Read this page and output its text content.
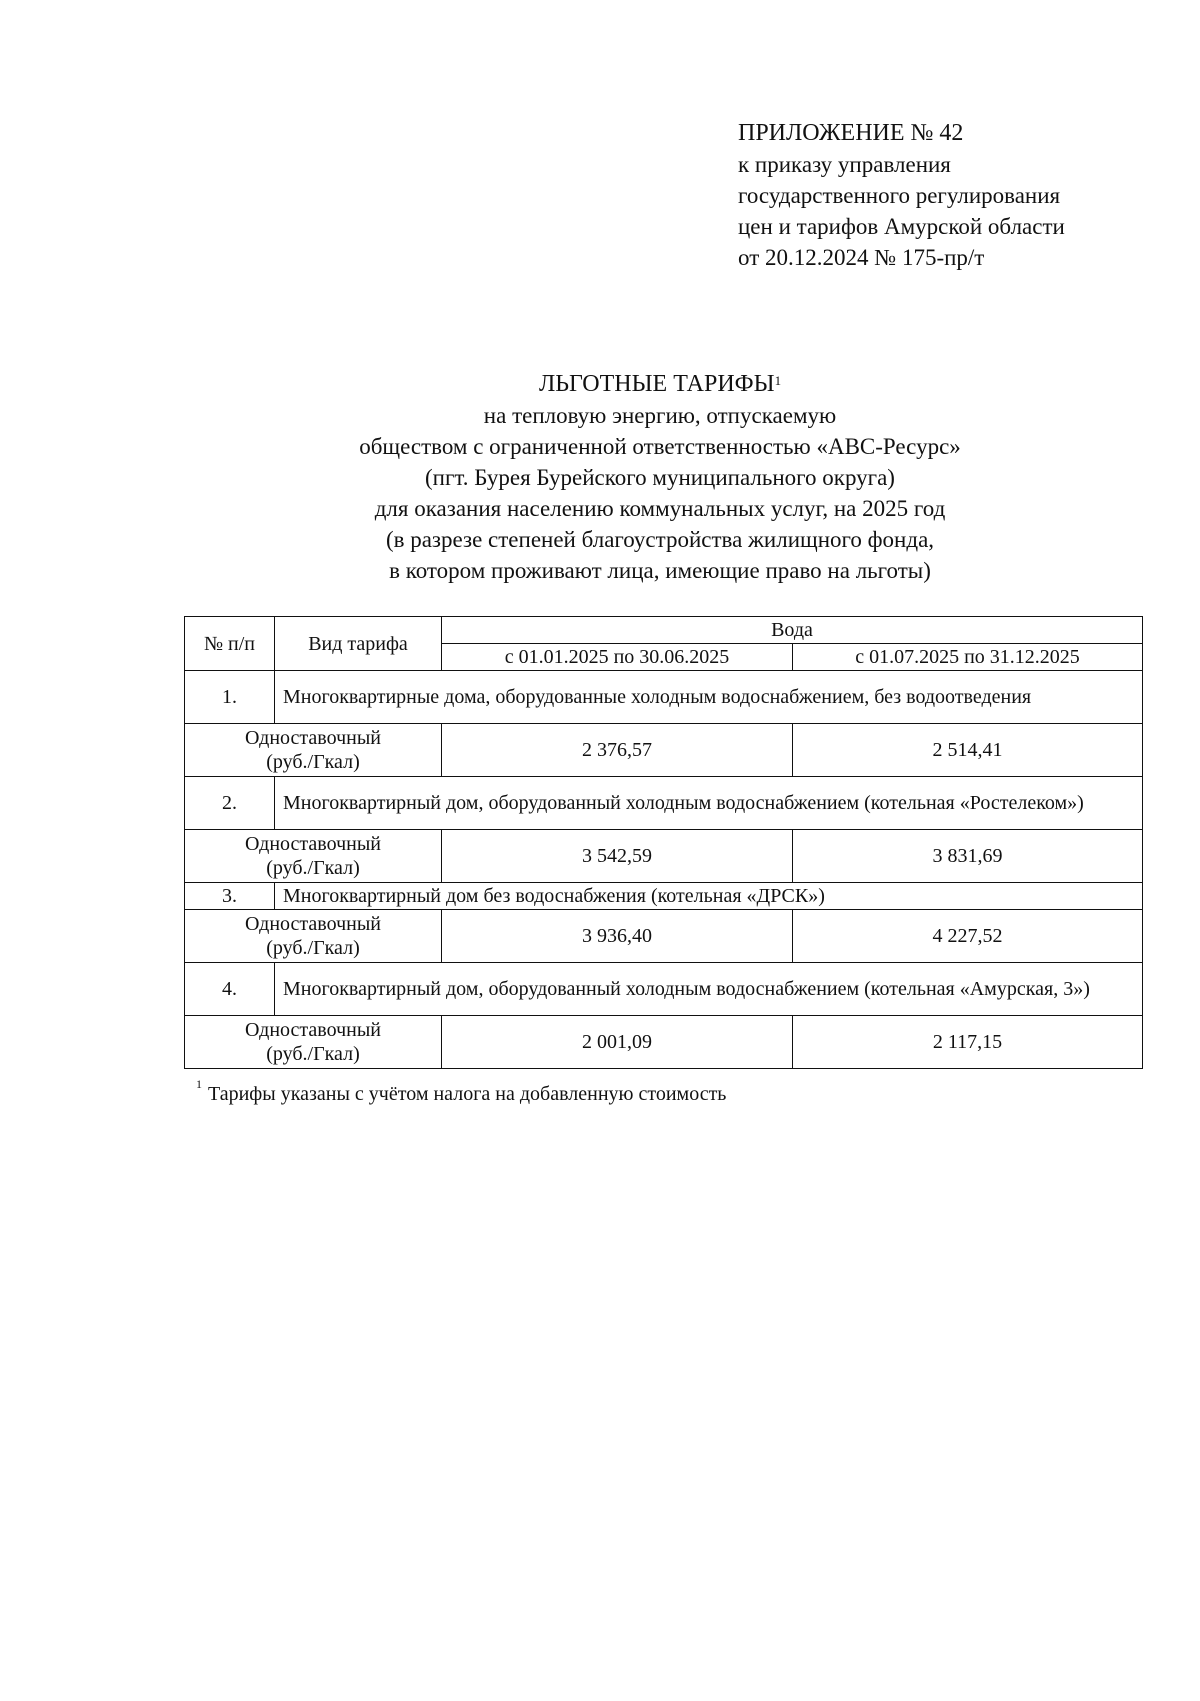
ПРИЛОЖЕНИЕ № 42
к приказу управления
государственного регулирования
цен и тарифов Амурской области
от 20.12.2024 № 175-пр/т
ЛЬГОТНЫЕ ТАРИФЫ$^1$
на тепловую энергию, отпускаемую
обществом с ограниченной ответственностью «АВС-Ресурс»
(пгт. Бурея Бурейского муниципального округа)
для оказания населению коммунальных услуг, на 2025 год
(в разрезе степеней благоустройства жилищного фонда,
в котором проживают лица, имеющие право на льготы)
№ п/п	Вид тарифа	Вода	
		с 01.01.2025 по 30.06.2025	с 01.07.2025 по 31.12.2025
1.	Многоквартирные дома, оборудованные холодным водоснабжением, без водоотведения		

Одноставочный
(руб./Гкал)		2 376,57	2 514,41
2.	Многоквартирный дом, оборудованный холодным водоснабжением (котельная «Ростелеком»)		

Одноставочный
(руб./Гкал)		3 542,59	3 831,69
3.	Многоквартирный дом без водоснабжения (котельная «ДРСК»)		

Одноставочный
(руб./Гкал)		3 936,40	4 227,52
4.	Многоквартирный дом, оборудованный холодным водоснабжением (котельная «Амурская, 3»)		

Одноставочный
(руб./Гкал)		2 001,09	2 117,15
$^1$ Тарифы указаны с учётом налога на добавленную стоимость
